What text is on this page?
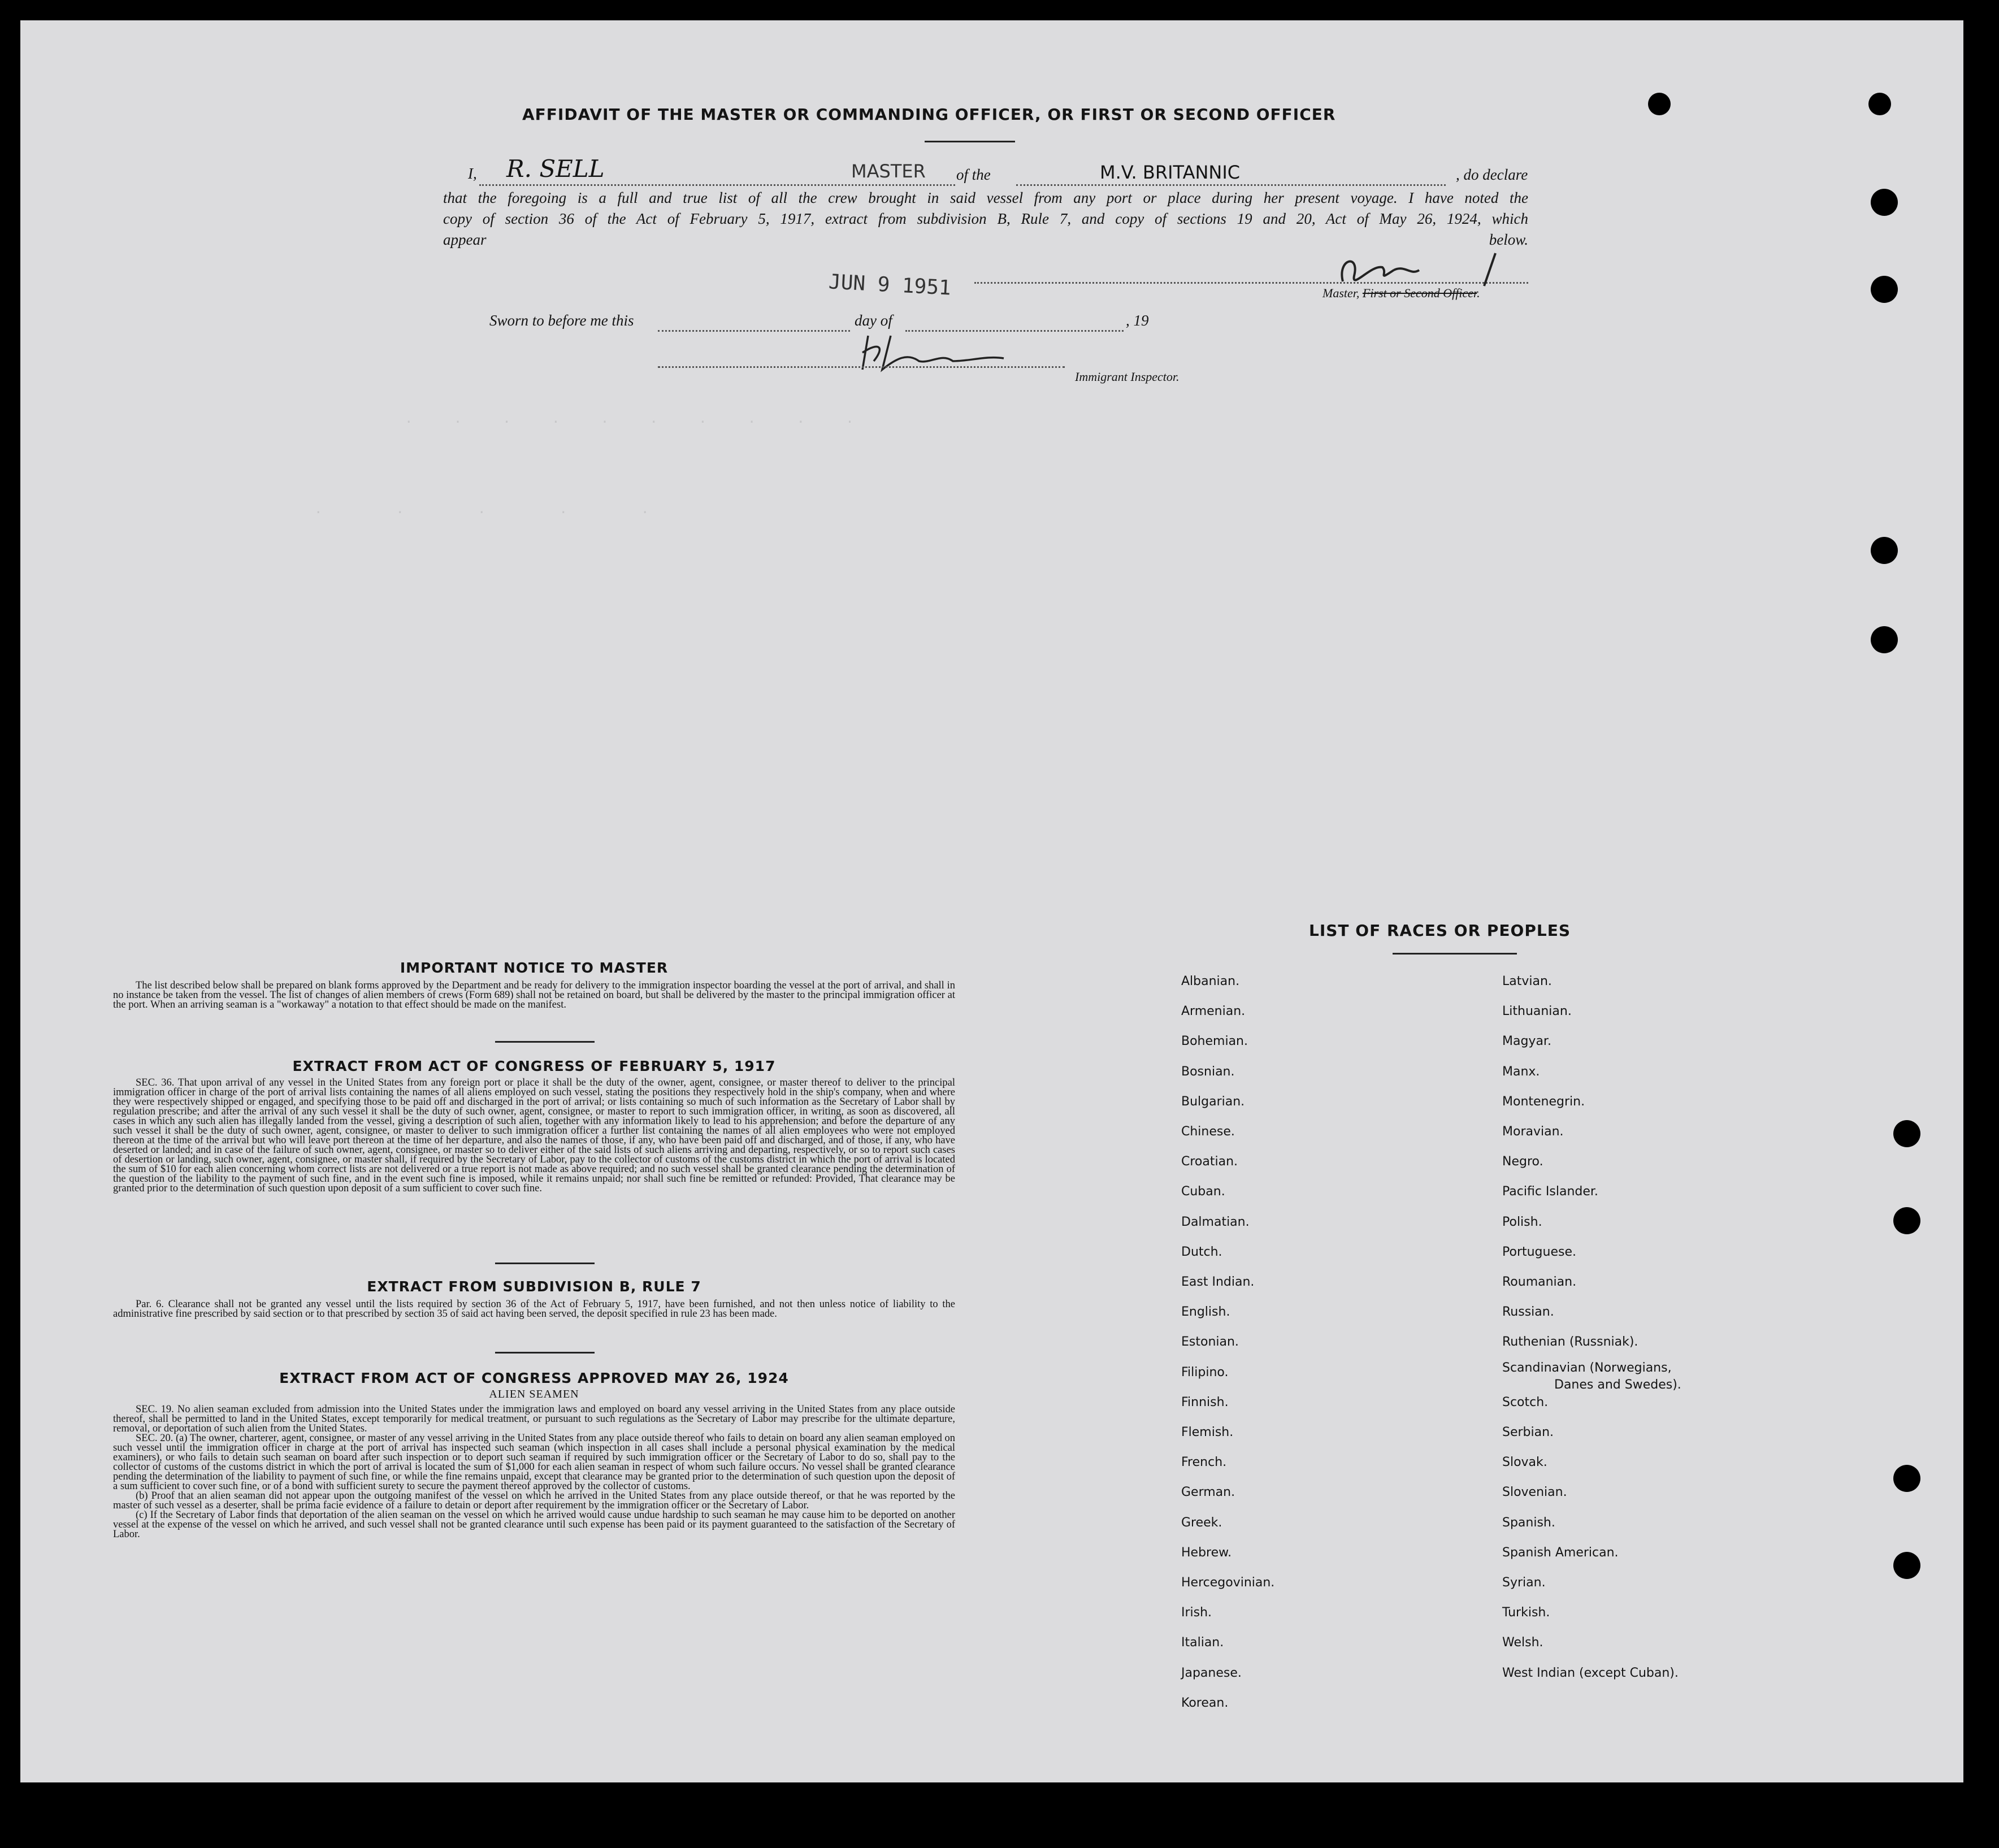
.     .     .     .     .     .     .     .     .     .
.         .         .         .         .
AFFIDAVIT OF THE MASTER OR COMMANDING OFFICER, OR FIRST OR SECOND OFFICER
I, R. SELL	MASTER of the	M.V. BRITANNIC	, do declare
that the foregoing is a full and true list of all the crew brought in said vessel from any port or place during her present voyage. I have noted the
copy of section 36 of the Act of February 5, 1917, extract from subdivision B, Rule 7, and copy of sections 19 and 20, Act of May 26, 1924, which
appear below.
Master, First or Second Officer.
Sworn to before me this	day of	, 19
JUN 9 1951
Immigrant Inspector.
IMPORTANT NOTICE TO MASTER

The list described below shall be prepared on blank forms approved by the Department and be ready for delivery to the immigration inspector boarding the vessel at the port of arrival, and shall in no instance be taken from the vessel. The list of changes of alien members of crews (Form 689) shall not be retained on board, but shall be delivered by the master to the principal immigration officer at the port. When an arriving seaman is a "workaway" a notation to that effect should be made on the manifest.

EXTRACT FROM ACT OF CONGRESS OF FEBRUARY 5, 1917

SEC. 36. That upon arrival of any vessel in the United States from any foreign port or place it shall be the duty of the owner, agent, consignee, or master thereof to deliver to the principal immigration officer in charge of the port of arrival lists containing the names of all aliens employed on such vessel, stating the positions they respectively hold in the ship's company, when and where they were respectively shipped or engaged, and specifying those to be paid off and discharged in the port of arrival; or lists containing so much of such information as the Secretary of Labor shall by regulation prescribe; and after the arrival of any such vessel it shall be the duty of such owner, agent, consignee, or master to report to such immigration officer, in writing, as soon as discovered, all cases in which any such alien has illegally landed from the vessel, giving a description of such alien, together with any information likely to lead to his apprehension; and before the departure of any such vessel it shall be the duty of such owner, agent, consignee, or master to deliver to such immigration officer a further list containing the names of all alien employees who were not employed thereon at the time of the arrival but who will leave port thereon at the time of her departure, and also the names of those, if any, who have been paid off and discharged, and of those, if any, who have deserted or landed; and in case of the failure of such owner, agent, consignee, or master so to deliver either of the said lists of such aliens arriving and departing, respectively, or so to report such cases of desertion or landing, such owner, agent, consignee, or master shall, if required by the Secretary of Labor, pay to the collector of customs of the customs district in which the port of arrival is located the sum of $10 for each alien concerning whom correct lists are not delivered or a true report is not made as above required; and no such vessel shall be granted clearance pending the determination of the question of the liability to the payment of such fine, and in the event such fine is imposed, while it remains unpaid; nor shall such fine be remitted or refunded: Provided, That clearance may be granted prior to the determination of such question upon deposit of a sum sufficient to cover such fine.

EXTRACT FROM SUBDIVISION B, RULE 7

Par. 6. Clearance shall not be granted any vessel until the lists required by section 36 of the Act of February 5, 1917, have been furnished, and not then unless notice of liability to the administrative fine prescribed by said section or to that prescribed by section 35 of said act having been served, the deposit specified in rule 23 has been made.

EXTRACT FROM ACT OF CONGRESS APPROVED MAY 26, 1924
ALIEN SEAMEN

SEC. 19. No alien seaman excluded from admission into the United States under the immigration laws and employed on board any vessel arriving in the United States from any place outside thereof, shall be permitted to land in the United States, except temporarily for medical treatment, or pursuant to such regulations as the Secretary of Labor may prescribe for the ultimate departure, removal, or deportation of such alien from the United States.

SEC. 20. (a) The owner, charterer, agent, consignee, or master of any vessel arriving in the United States from any place outside thereof who fails to detain on board any alien seaman employed on such vessel until the immigration officer in charge at the port of arrival has inspected such seaman (which inspection in all cases shall include a personal physical examination by the medical examiners), or who fails to detain such seaman on board after such inspection or to deport such seaman if required by such immigration officer or the Secretary of Labor to do so, shall pay to the collector of customs of the customs district in which the port of arrival is located the sum of $1,000 for each alien seaman in respect of whom such failure occurs. No vessel shall be granted clearance pending the determination of the liability to payment of such fine, or while the fine remains unpaid, except that clearance may be granted prior to the determination of such question upon the deposit of a sum sufficient to cover such fine, or of a bond with sufficient surety to secure the payment thereof approved by the collector of customs.

(b) Proof that an alien seaman did not appear upon the outgoing manifest of the vessel on which he arrived in the United States from any place outside thereof, or that he was reported by the master of such vessel as a deserter, shall be prima facie evidence of a failure to detain or deport after requirement by the immigration officer or the Secretary of Labor.

(c) If the Secretary of Labor finds that deportation of the alien seaman on the vessel on which he arrived would cause undue hardship to such seaman he may cause him to be deported on another vessel at the expense of the vessel on which he arrived, and such vessel shall not be granted clearance until such expense has been paid or its payment guaranteed to the satisfaction of the Secretary of Labor.

LIST OF RACES OR PEOPLES
Albanian.
Armenian.
Bohemian.
Bosnian.
Bulgarian.
Chinese.
Croatian.
Cuban.
Dalmatian.
Dutch.
East Indian.
English.
Estonian.
Filipino.
Finnish.
Flemish.
French.
German.
Greek.
Hebrew.
Hercegovinian.
Irish.
Italian.
Japanese.
Korean.
Latvian.
Lithuanian.
Magyar.
Manx.
Montenegrin.
Moravian.
Negro.
Pacific Islander.
Polish.
Portuguese.
Roumanian.
Russian.
Ruthenian (Russniak).
Scandinavian (Norwegians,
Danes and Swedes).
Scotch.
Serbian.
Slovak.
Slovenian.
Spanish.
Spanish American.
Syrian.
Turkish.
Welsh.
West Indian (except Cuban).
